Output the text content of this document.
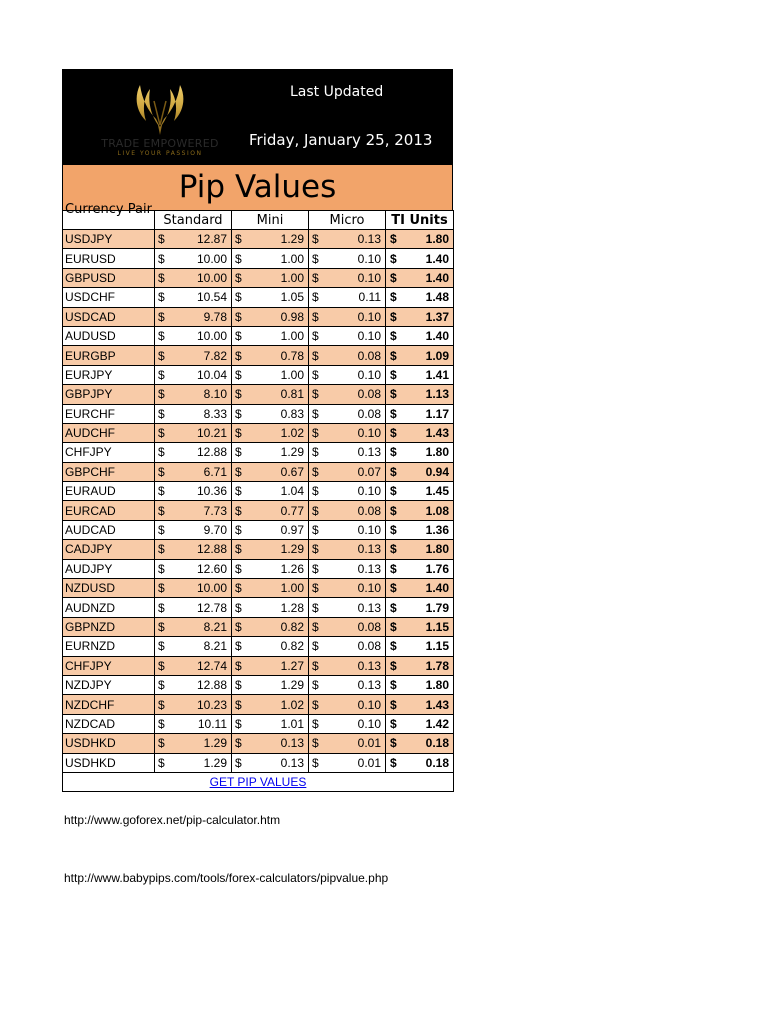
TRADE EMPOWERED
LIVE YOUR PASSION
Last Updated
Friday, January 25, 2013
Pip Values
Currency Pair	Standard	Mini	Micro	TI Units
USDJPY	$ 12.87	$ 1.29	$ 0.13	$ 1.80

EURUSD	$ 10.00	$ 1.00	$ 0.10	$ 1.40

GBPUSD	$ 10.00	$ 1.00	$ 0.10	$ 1.40

USDCHF	$ 10.54	$ 1.05	$ 0.11	$ 1.48

USDCAD	$ 9.78	$ 0.98	$ 0.10	$ 1.37

AUDUSD	$ 10.00	$ 1.00	$ 0.10	$ 1.40

EURGBP	$ 7.82	$ 0.78	$ 0.08	$ 1.09

EURJPY	$ 10.04	$ 1.00	$ 0.10	$ 1.41

GBPJPY	$ 8.10	$ 0.81	$ 0.08	$ 1.13

EURCHF	$ 8.33	$ 0.83	$ 0.08	$ 1.17

AUDCHF	$ 10.21	$ 1.02	$ 0.10	$ 1.43

CHFJPY	$ 12.88	$ 1.29	$ 0.13	$ 1.80

GBPCHF	$ 6.71	$ 0.67	$ 0.07	$ 0.94

EURAUD	$ 10.36	$ 1.04	$ 0.10	$ 1.45

EURCAD	$ 7.73	$ 0.77	$ 0.08	$ 1.08

AUDCAD	$ 9.70	$ 0.97	$ 0.10	$ 1.36

CADJPY	$ 12.88	$ 1.29	$ 0.13	$ 1.80

AUDJPY	$ 12.60	$ 1.26	$ 0.13	$ 1.76

NZDUSD	$ 10.00	$ 1.00	$ 0.10	$ 1.40

AUDNZD	$ 12.78	$ 1.28	$ 0.13	$ 1.79

GBPNZD	$ 8.21	$ 0.82	$ 0.08	$ 1.15

EURNZD	$ 8.21	$ 0.82	$ 0.08	$ 1.15

CHFJPY	$ 12.74	$ 1.27	$ 0.13	$ 1.78

NZDJPY	$ 12.88	$ 1.29	$ 0.13	$ 1.80

NZDCHF	$ 10.23	$ 1.02	$ 0.10	$ 1.43

NZDCAD	$ 10.11	$ 1.01	$ 0.10	$ 1.42

USDHKD	$ 1.29	$ 0.13	$ 0.01	$ 0.18

USDHKD	$ 1.29	$ 0.13	$ 0.01	$ 0.18

GET PIP VALUES				
http://www.goforex.net/pip-calculator.htm
http://www.babypips.com/tools/forex-calculators/pipvalue.php
